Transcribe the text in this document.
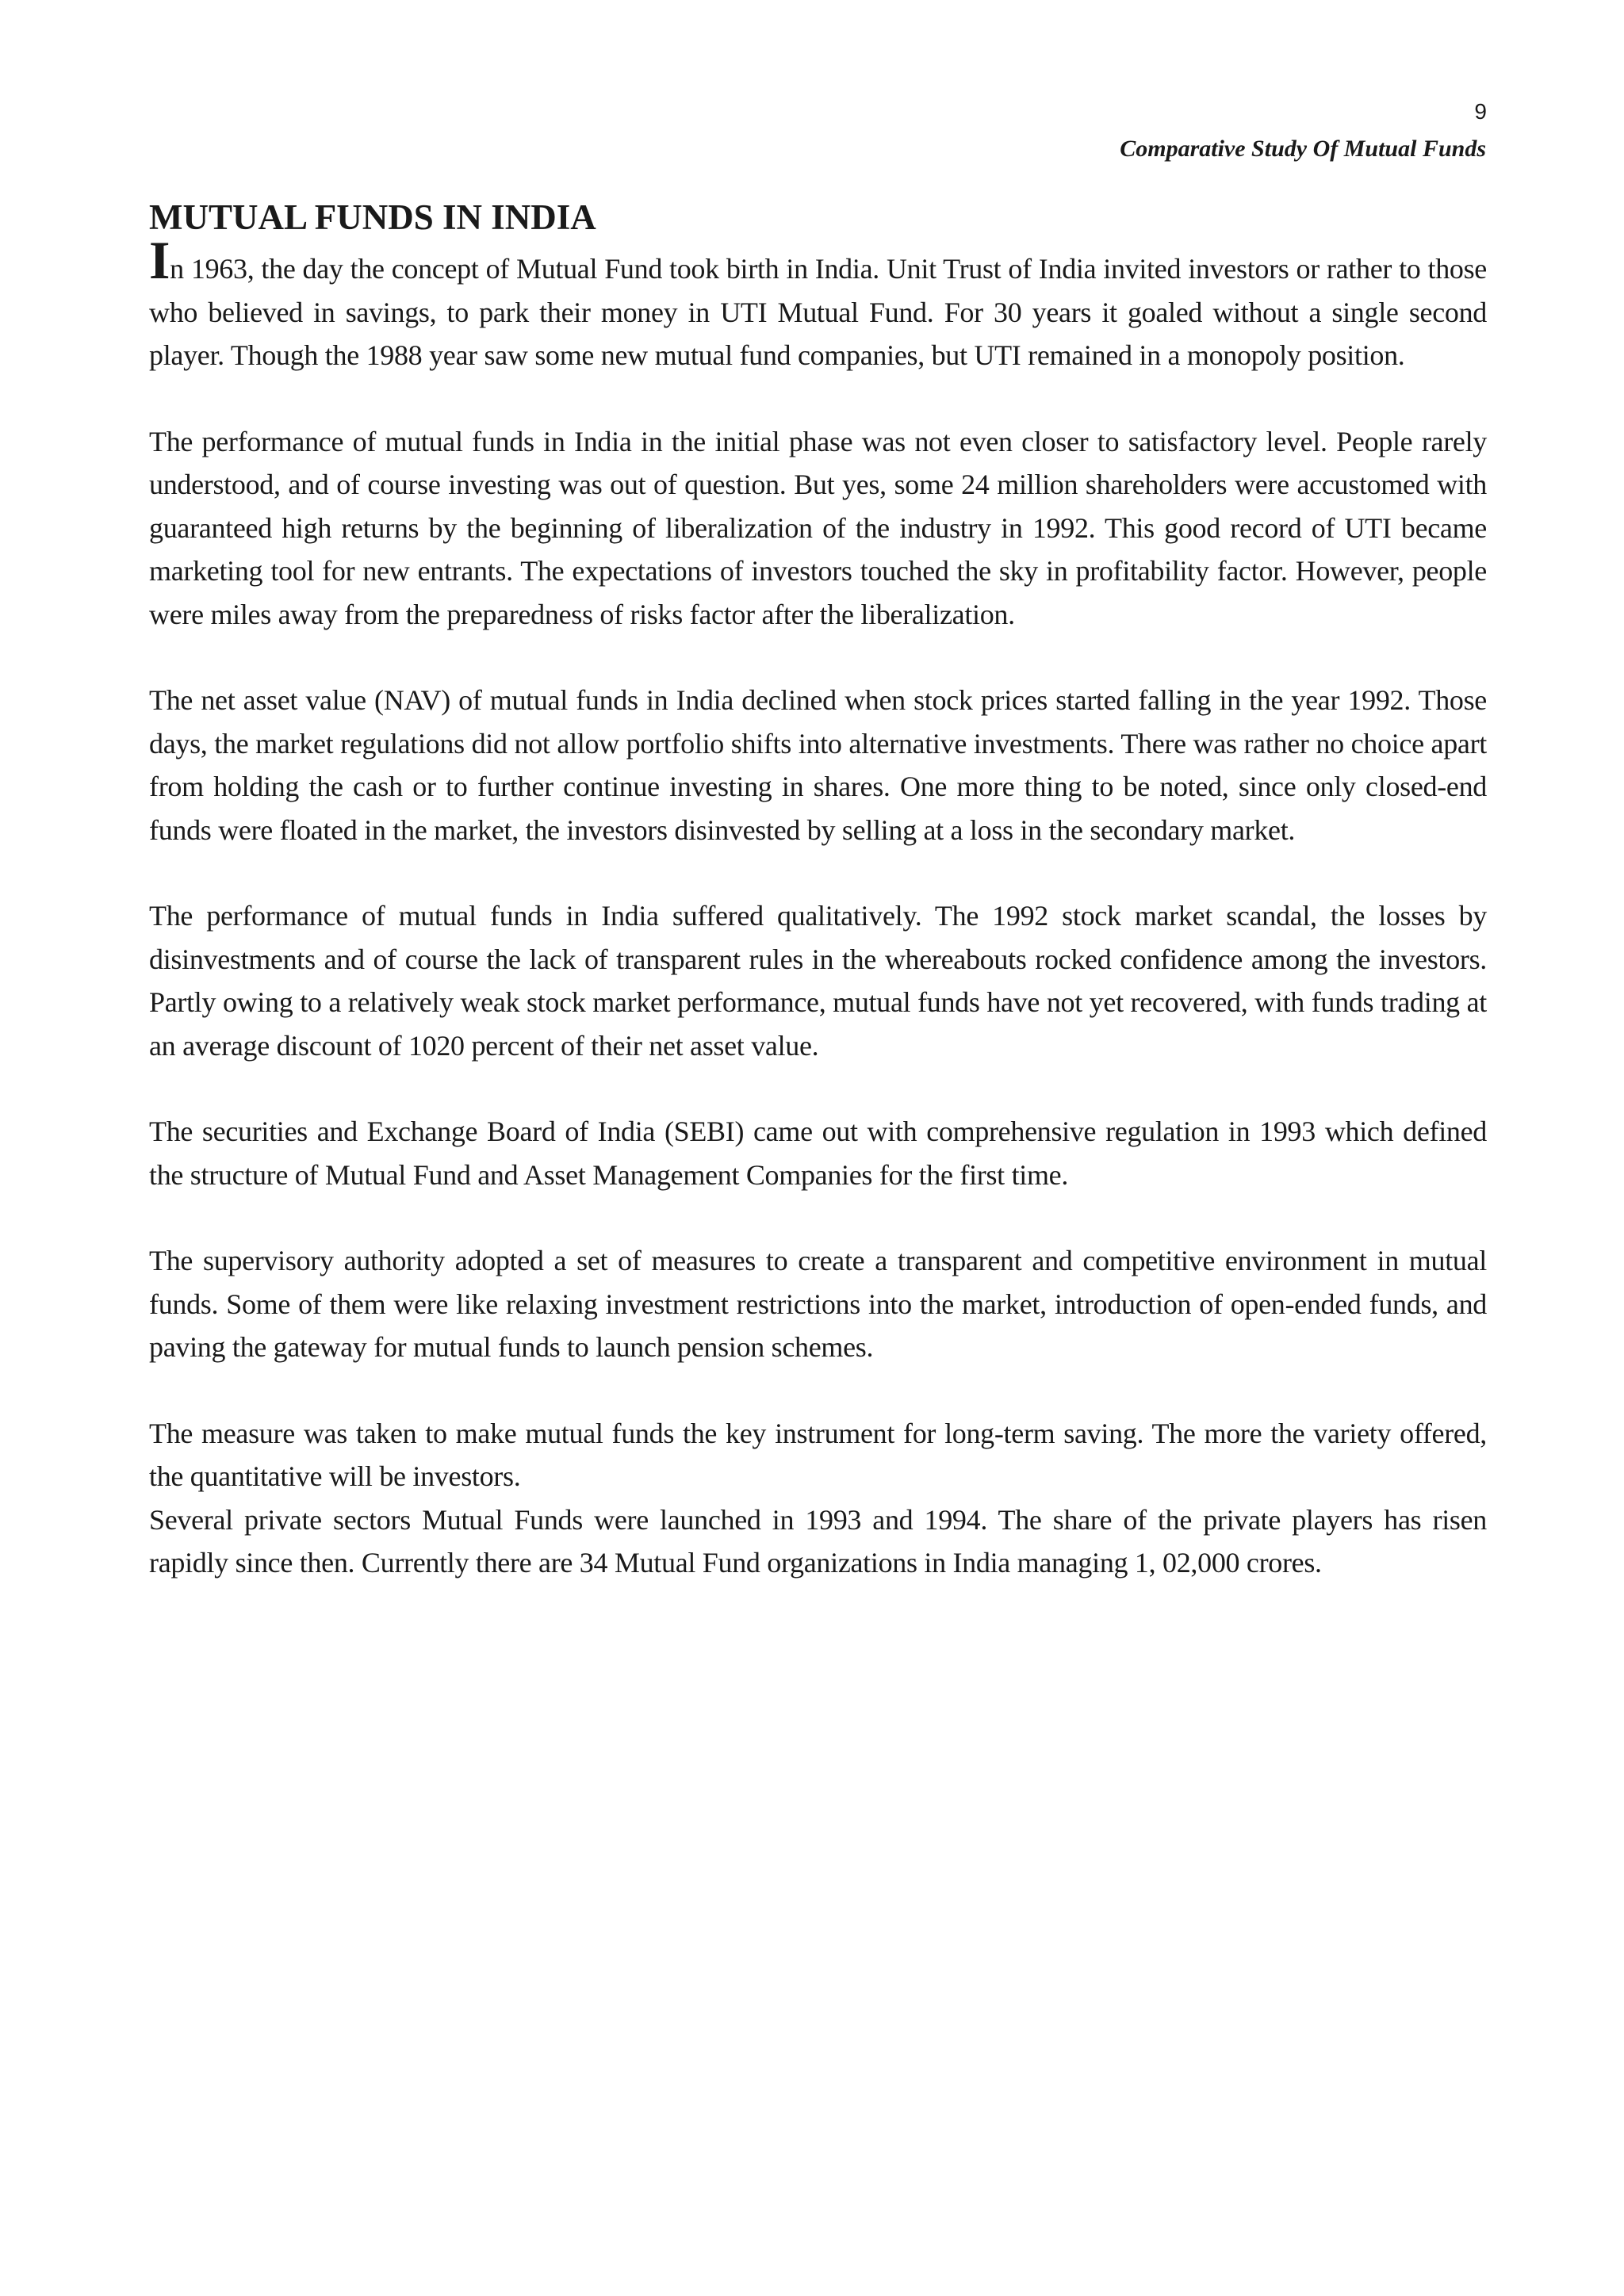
9
Comparative Study Of Mutual Funds
MUTUAL FUNDS IN INDIA

In 1963, the day the concept of Mutual Fund took birth in India. Unit Trust of India invited investors or rather to those who believed in savings, to park their money in UTI Mutual Fund. For 30 years it goaled without a single second player. Though the 1988 year saw some new mutual fund companies, but UTI remained in a monopoly position.

The performance of mutual funds in India in the initial phase was not even closer to satisfactory level. People rarely understood, and of course investing was out of question. But yes, some 24 million shareholders were accustomed with guaranteed high returns by the beginning of liberalization of the industry in 1992. This good record of UTI became marketing tool for new entrants. The expectations of investors touched the sky in profitability factor. However, people were miles away from the preparedness of risks factor after the liberalization.

The net asset value (NAV) of mutual funds in India declined when stock prices started falling in the year 1992. Those days, the market regulations did not allow portfolio shifts into alternative investments. There was rather no choice apart from holding the cash or to further continue investing in shares. One more thing to be noted, since only closed-end funds were floated in the market, the investors disinvested by selling at a loss in the secondary market.

The performance of mutual funds in India suffered qualitatively. The 1992 stock market scandal, the losses by disinvestments and of course the lack of transparent rules in the whereabouts rocked confidence among the investors. Partly owing to a relatively weak stock market performance, mutual funds have not yet recovered, with funds trading at an average discount of 1020 percent of their net asset value.

The securities and Exchange Board of India (SEBI) came out with comprehensive regulation in 1993 which defined the structure of Mutual Fund and Asset Management Companies for the first time.

The supervisory authority adopted a set of measures to create a transparent and competitive environment in mutual funds. Some of them were like relaxing investment restrictions into the market, introduction of open-ended funds, and paving the gateway for mutual funds to launch pension schemes.

The measure was taken to make mutual funds the key instrument for long-term saving. The more the variety offered, the quantitative will be investors.

Several private sectors Mutual Funds were launched in 1993 and 1994. The share of the private players has risen rapidly since then. Currently there are 34 Mutual Fund organizations in India managing 1, 02,000 crores.
